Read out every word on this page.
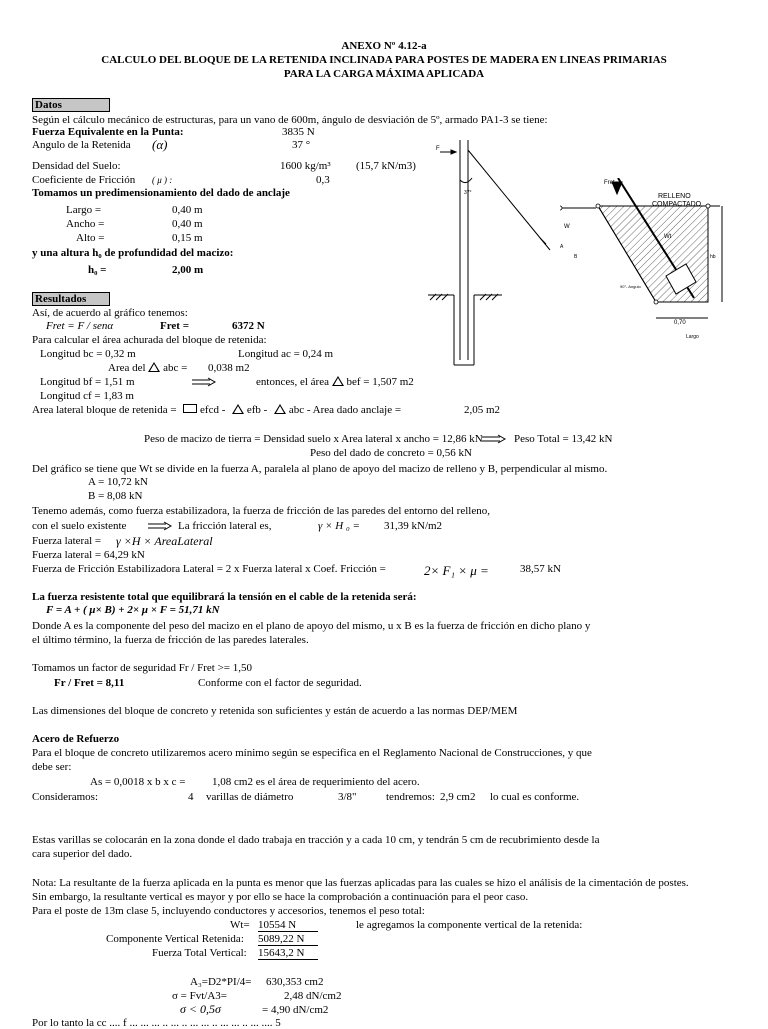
ANEXO Nº 4.12-a
CALCULO DEL BLOQUE DE LA RETENIDA INCLINADA PARA POSTES DE MADERA EN LINEAS PRIMARIAS
PARA LA CARGA MÁXIMA APLICADA
Datos
Según el cálculo mecánico de estructuras, para un vano de 600m, ángulo de desviación de 5º, armado PA1-3 se tiene:
Fuerza Equivalente en la Punta:	3835 N
Angulo de la Retenida (α)	37 °
Densidad del Suelo:	1600 kg/m³ (15,7 kN/m3)
Coeficiente de Fricción ( μ ) :	0,3
Tomamos un predimensionamiento del dado de anclaje
Largo =	0,40 m
Ancho =	0,40 m
Alto =	0,15 m
y una altura h₀ de profundidad del macizo:
h₀ =	2,00 m
F
37°
Fret
RELLENO
COMPACTADO
W
Wt
A
B	hb
0,70
Largo
90°- Angulo
Resultados
Así, de acuerdo al gráfico tenemos:
Fret = F / senα	Fret =	6372 N
Para calcular el área achurada del bloque de retenida:
Longitud bc = 0,32 m	Longitud ac = 0,24 m
Area del abc = 0,038 m2
Longitud bf = 1,51 m	entonces, el área bef = 1,507 m2
Longitud cf = 1,83 m
Area lateral bloque de retenida = efcd - efb - abc - Area dado anclaje =	2,05 m2
Peso de macizo de tierra = Densidad suelo x Area lateral x ancho = 12,86 kN	Peso Total = 13,42 kN
Peso del dado de concreto = 0,56 kN
Del gráfico se tiene que Wt se divide en la fuerza A, paralela al plano de apoyo del macizo de relleno y B, perpendicular al mismo.
A = 10,72 kN
B = 8,08 kN
Tenemo además, como fuerza estabilizadora, la fuerza de fricción de las paredes del entorno del relleno,
con el suelo existente	La fricción lateral es,	γ × H ₀ = 31,39 kN/m2
Fuerza lateral = γ ×H × AreaLateral
Fuerza lateral = 64,29 kN
Fuerza de Fricción Estabilizadora Lateral = 2 x Fuerza lateral x Coef. Fricción =	2× F₁ × μ =	38,57 kN
La fuerza resistente total que equilibrará la tensión en el cable de la retenida será:
F = A + ( μ× B) + 2× μ × F = 51,71 kN
Donde A es la componente del peso del macizo en el plano de apoyo del mismo, u x B es la fuerza de fricción en dicho plano y
el último término, la fuerza de fricción de las paredes laterales.
Tomamos un factor de seguridad Fr / Fret >= 1,50
Fr / Fret = 8,11	Conforme con el factor de seguridad.
Las dimensiones del bloque de concreto y retenida son suficientes y están de acuerdo a las normas DEP/MEM
Acero de Refuerzo
Para el bloque de concreto utilizaremos acero mínimo según se especifica en el Reglamento Nacional de Construcciones, y que
debe ser:
As = 0,0018 x b x c = 1,08 cm2 es el área de requerimiento del acero.
Consideramos:	4 varillas de diámetro	3/8"	tendremos: 2,9 cm2 lo cual es conforme.
Estas varillas se colocarán en la zona donde el dado trabaja en tracción y a cada 10 cm, y tendrán 5 cm de recubrimiento desde la
cara superior del dado.
Nota: La resultante de la fuerza aplicada en la punta es menor que las fuerzas aplicadas para las cuales se hizo el análisis de la cimentación de postes.
Sin embargo, la resultante vertical es mayor y por ello se hace la comprobación a continuación para el peor caso.
Para el poste de 13m clase 5, incluyendo conductores y accesorios, tenemos el peso total:
Wt= 10554 N	le agregamos la componente vertical de la retenida:
Componente Vertical Retenida: 5089,22 N
Fuerza Total Vertical: 15643,2 N
A₃=D2*PI/4= 630,353 cm2
σ = Fvt/A3=	2,48 dN/cm2
σ < 0,5σ	= 4,90 dN/cm2
Por lo tanto la cc .... f ... ... ... .. ... .. ... ... .. ... ... .. ... .... 5
